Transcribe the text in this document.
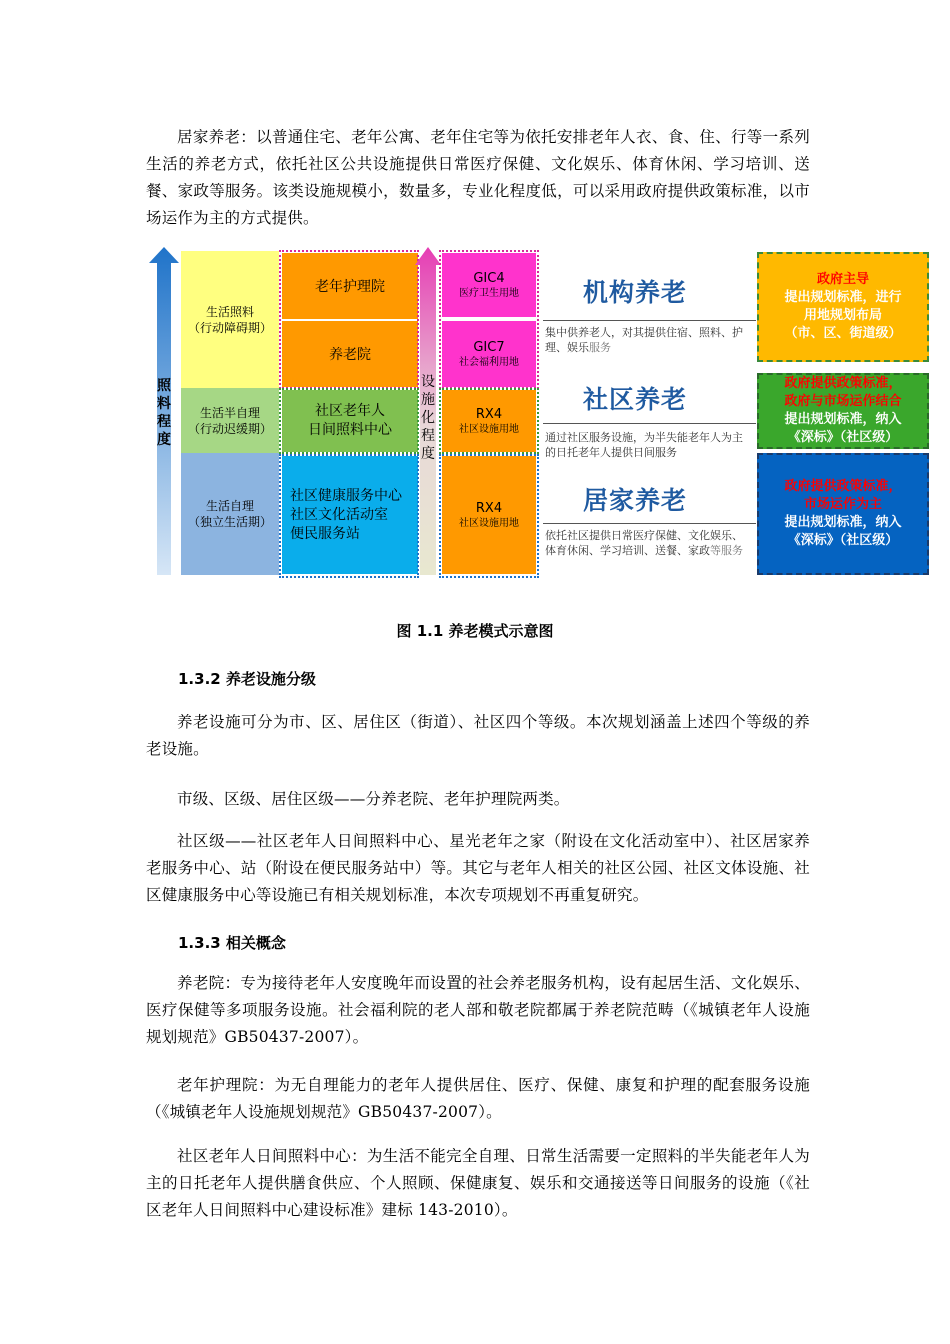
居家养老：以普通住宅、老年公寓、老年住宅等为依托安排老年人衣、食、住、行等一系列生活的养老方式，依托社区公共设施提供日常医疗保健、文化娱乐、体育休闲、学习培训、送餐、家政等服务。该类设施规模小，数量多，专业化程度低，可以采用政府提供政策标准，以市场运作为主的方式提供。

照
料
程
度
生活照料
（行动障碍期）
生活半自理
（行动迟缓期）
生活自理
（独立生活期）
老年护理院
养老院
社区老年人
日间照料中心
社区健康服务中心
社区文化活动室
便民服务站
设
施
化
程
度
GIC4
医疗卫生用地
GIC7
社会福利用地
RX4
社区设施用地
RX4
社区设施用地
机构养老
集中供养老人，对其提供住宿、照料、护理、娱乐服务
社区养老
通过社区服务设施，为半失能老年人为主的日托老年人提供日间服务
居家养老
依托社区提供日常医疗保健、文化娱乐、体育休闲、学习培训、送餐、家政等服务
政府主导
提出规划标准，进行
用地规划布局
（市、区、街道级）
政府提供政策标准，
政府与市场运作结合
提出规划标准，纳入
《深标》（社区级）
政府提供政策标准，
市场运作为主
提出规划标准，纳入
《深标》（社区级）
图 1.1 养老模式示意图
1.3.2 养老设施分级

养老设施可分为市、区、居住区（街道）、社区四个等级。本次规划涵盖上述四个等级的养老设施。

市级、区级、居住区级——分养老院、老年护理院两类。

社区级——社区老年人日间照料中心、星光老年之家（附设在文化活动室中）、社区居家养老服务中心、站（附设在便民服务站中）等。其它与老年人相关的社区公园、社区文体设施、社区健康服务中心等设施已有相关规划标准，本次专项规划不再重复研究。

1.3.3 相关概念

养老院：专为接待老年人安度晚年而设置的社会养老服务机构，设有起居生活、文化娱乐、医疗保健等多项服务设施。社会福利院的老人部和敬老院都属于养老院范畴（《城镇老年人设施规划规范》GB50437-2007）。

老年护理院：为无自理能力的老年人提供居住、医疗、保健、康复和护理的配套服务设施（《城镇老年人设施规划规范》GB50437-2007）。

社区老年人日间照料中心：为生活不能完全自理、日常生活需要一定照料的半失能老年人为主的日托老年人提供膳食供应、个人照顾、保健康复、娱乐和交通接送等日间服务的设施（《社区老年人日间照料中心建设标准》建标 143-2010）。
